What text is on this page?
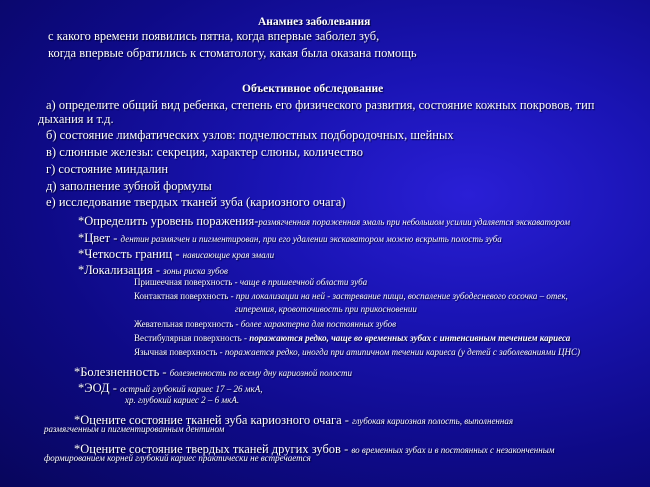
Анамнез заболевания
с какого времени появились пятна, когда впервые заболел зуб,
когда впервые обратились к стоматологу, какая была оказана помощь
Объективное обследование
а) определите общий вид ребенка, степень его физического развития, состояние кожных покровов, тип дыхания и т.д.
б) состояние лимфатических узлов: подчелюстных подбородочных, шейных
в) слюнные железы: секреция, характер слюны, количество
г) состояние миндалин
д) заполнение зубной формулы
е) исследование твердых тканей зуба (кариозного очага)
*Определить уровень поражения-размягченная пораженная эмаль при небольшом усилии удаляется экскаватором
*Цвет - дентин размягчен и пигментирован, при его удалении экскаватором можно вскрыть полость зуба
*Четкость границ - нависающие края эмали
*Локализация - зоны риска зубов
Пришеечная поверхность - чаще в пришеечной области зуба
Контактная поверхность - при локализации на ней - застревание пищи, воспаление зубодесневого сосочка – отек,
гиперемия, кровоточивость при прикосновении
Жевательная поверхность - более характерна для постоянных зубов
Вестибулярная поверхность - поражаются редко, чаще во временных зубах с интенсивным течением кариеса
Язычная поверхность - поражается редко, иногда при атипичном течении кариеса (у детей с заболеваниями ЦНС)
*Болезненность - болезненность по всему дну кариозной полости
*ЭОД - острый глубокий кариес 17 – 26 мкА,
хр. глубокий кариес 2 – 6 мкА.
*Оцените состояние тканей зуба кариозного очага - глубокая кариозная полость, выполненная
размягченным и пигментированным дентином
*Оцените состояние твердых тканей других зубов - во временных зубах и в постоянных с незаконченным
формированием корней глубокий кариес практически не встречается
